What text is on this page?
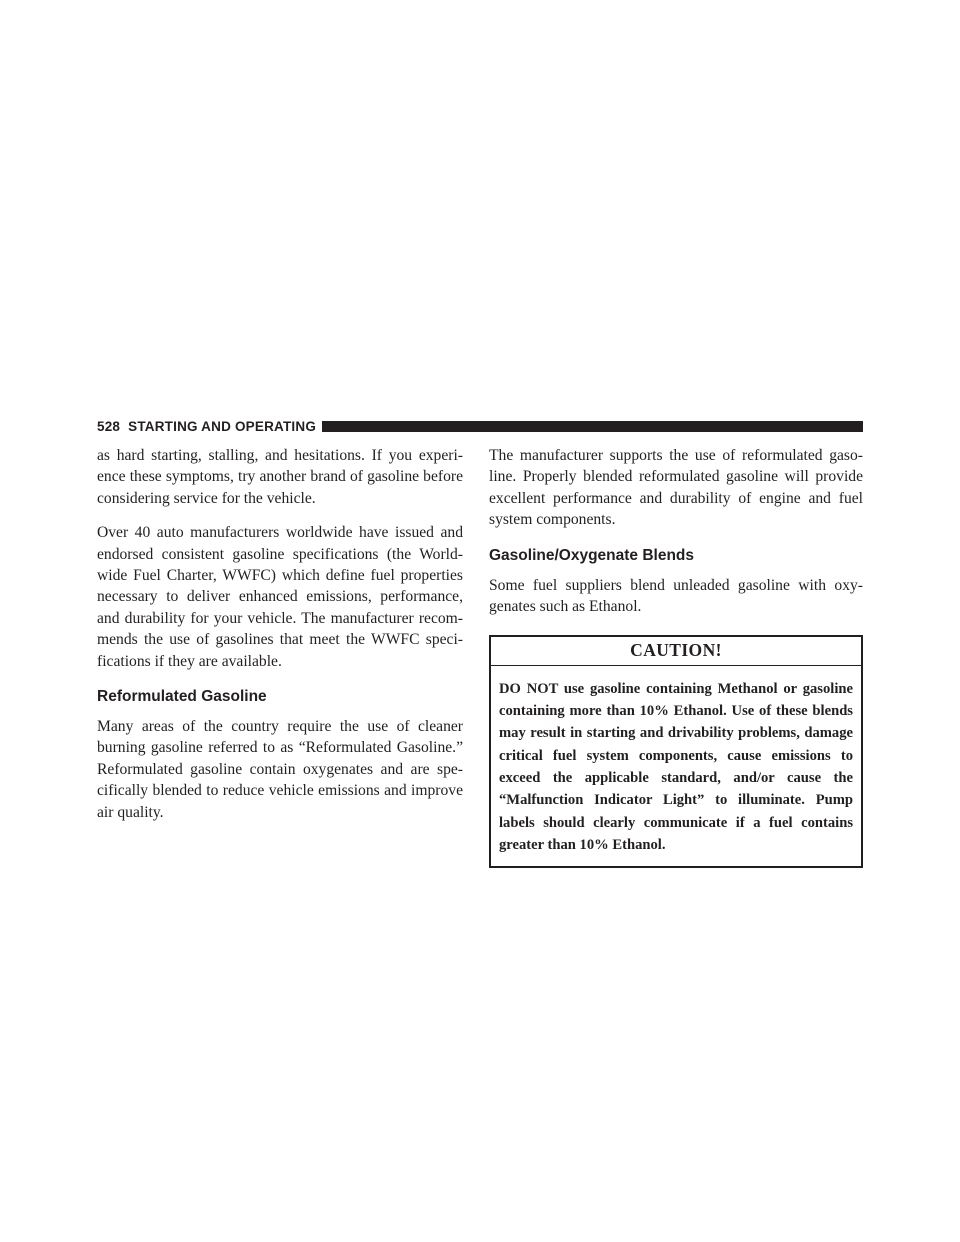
528 STARTING AND OPERATING

as hard starting, stalling, and hesitations. If you experience these symptoms, try another brand of gasoline before considering service for the vehicle.

Over 40 auto manufacturers worldwide have issued and endorsed consistent gasoline specifications (the Worldwide Fuel Charter, WWFC) which define fuel properties necessary to deliver enhanced emissions, performance, and durability for your vehicle. The manufacturer recommends the use of gasolines that meet the WWFC specifications if they are available.

Reformulated Gasoline

Many areas of the country require the use of cleaner burning gasoline referred to as “Reformulated Gasoline.” Reformulated gasoline contain oxygenates and are specifically blended to reduce vehicle emissions and improve air quality.

The manufacturer supports the use of reformulated gasoline. Properly blended reformulated gasoline will provide excellent performance and durability of engine and fuel system components.

Gasoline/Oxygenate Blends

Some fuel suppliers blend unleaded gasoline with oxygenates such as Ethanol.

CAUTION!
DO NOT use gasoline containing Methanol or gasoline containing more than 10% Ethanol. Use of these blends may result in starting and drivability problems, damage critical fuel system components, cause emissions to exceed the applicable standard, and/or cause the “Malfunction Indicator Light” to illuminate. Pump labels should clearly communicate if a fuel contains greater than 10% Ethanol.
